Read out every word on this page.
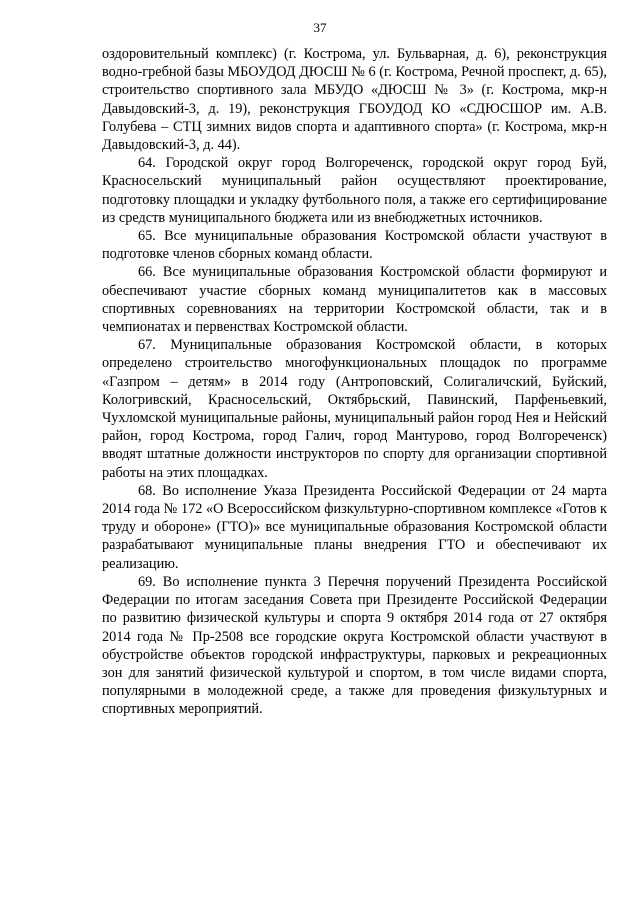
37

оздоровительный комплекс) (г. Кострома, ул. Бульварная, д. 6), реконструкция водно-гребной базы МБОУДОД ДЮСШ № 6 (г. Кострома, Речной проспект, д. 65), строительство спортивного зала МБУДО «ДЮСШ № 3» (г. Кострома, мкр-н Давыдовский-3, д. 19), реконструкция ГБОУДОД КО «СДЮСШОР им. А.В. Голубева – СТЦ зимних видов спорта и адаптивного спорта» (г. Кострома, мкр-н Давыдовский-3, д. 44).

64. Городской округ город Волгореченск, городской округ город Буй, Красносельский муниципальный район осуществляют проектирование, подготовку площадки и укладку футбольного поля, а также его сертифицирование из средств муниципального бюджета или из внебюджетных источников.

65. Все муниципальные образования Костромской области участвуют в подготовке членов сборных команд области.

66. Все муниципальные образования Костромской области формируют и обеспечивают участие сборных команд муниципалитетов как в массовых спортивных соревнованиях на территории Костромской области, так и в чемпионатах и первенствах Костромской области.

67. Муниципальные образования Костромской области, в которых определено строительство многофункциональных площадок по программе «Газпром – детям» в 2014 году (Антроповский, Солигаличский, Буйский, Кологривский, Красносельский, Октябрьский, Павинский, Парфеньевкий, Чухломской муниципальные районы, муниципальный район город Нея и Нейский район, город Кострома, город Галич, город Мантурово, город Волгореченск) вводят штатные должности инструкторов по спорту для организации спортивной работы на этих площадках.

68. Во исполнение Указа Президента Российской Федерации от 24 марта 2014 года № 172 «О Всероссийском физкультурно-спортивном комплексе «Готов к труду и обороне» (ГТО)» все муниципальные образования Костромской области разрабатывают муниципальные планы внедрения ГТО и обеспечивают их реализацию.

69. Во исполнение пункта 3 Перечня поручений Президента Российской Федерации по итогам заседания Совета при Президенте Российской Федерации по развитию физической культуры и спорта 9 октября 2014 года от 27 октября 2014 года № Пр-2508 все городские округа Костромской области участвуют в обустройстве объектов городской инфраструктуры, парковых и рекреационных зон для занятий физической культурой и спортом, в том числе видами спорта, популярными в молодежной среде, а также для проведения физкультурных и спортивных мероприятий.
